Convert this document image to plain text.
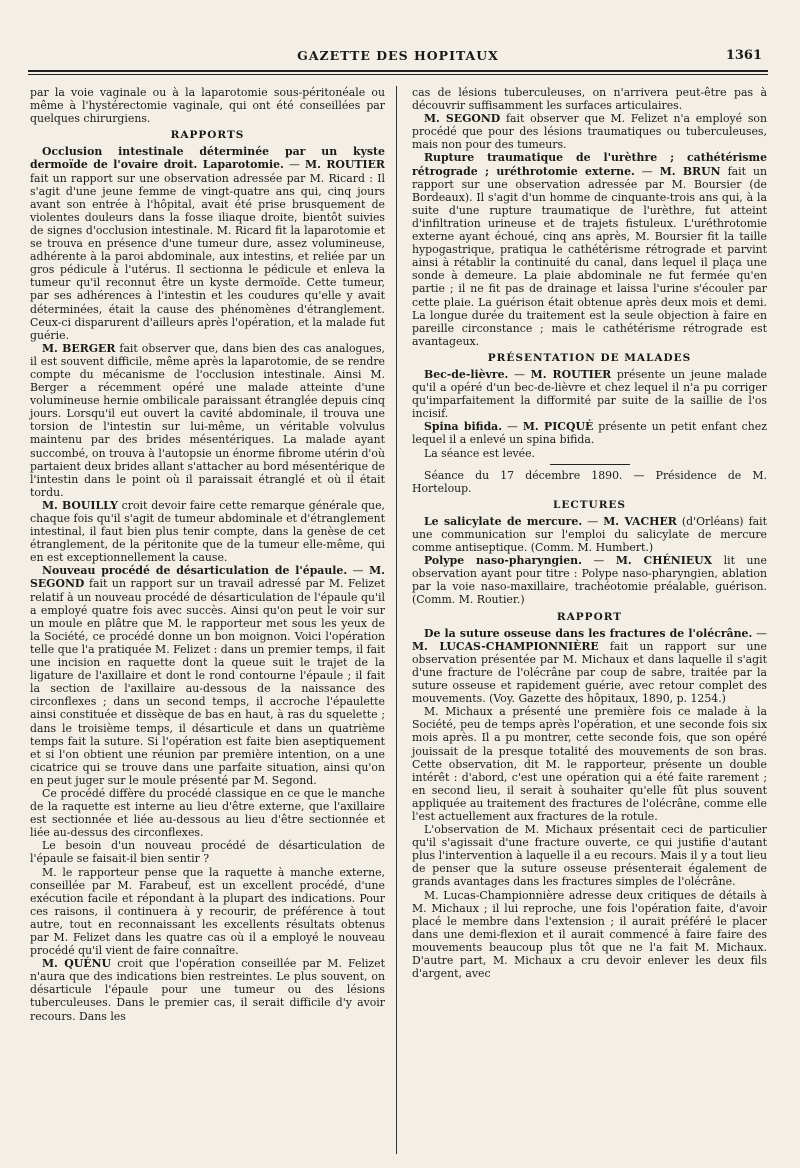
GAZETTE DES HOPITAUX	1361

par la voie vaginale ou à la laparotomie sous-péritonéale ou même à l'hystérectomie vaginale, qui ont été conseillées par quelques chirurgiens.

RAPPORTS

Occlusion intestinale déterminée par un kyste dermoïde de l'ovaire droit. Laparotomie. — M. ROUTIER fait un rapport sur une observation adressée par M. Ricard : Il s'agit d'une jeune femme de vingt-quatre ans qui, cinq jours avant son entrée à l'hôpital, avait été prise brusquement de violentes douleurs dans la fosse iliaque droite, bientôt suivies de signes d'occlusion intestinale. M. Ricard fit la laparotomie et se trouva en présence d'une tumeur dure, assez volumineuse, adhérente à la paroi abdominale, aux intestins, et reliée par un gros pédicule à l'utérus. Il sectionna le pédicule et enleva la tumeur qu'il reconnut être un kyste dermoïde. Cette tumeur, par ses adhérences à l'intestin et les coudures qu'elle y avait déterminées, était la cause des phénomènes d'étranglement. Ceux-ci disparurent d'ailleurs après l'opération, et la malade fut guérie.

M. BERGER fait observer que, dans bien des cas analogues, il est souvent difficile, même après la laparotomie, de se rendre compte du mécanisme de l'occlusion intestinale. Ainsi M. Berger a récemment opéré une malade atteinte d'une volumineuse hernie ombilicale paraissant étranglée depuis cinq jours. Lorsqu'il eut ouvert la cavité abdominale, il trouva une torsion de l'intestin sur lui-même, un véritable volvulus maintenu par des brides mésentériques. La malade ayant succombé, on trouva à l'autopsie un énorme fibrome utérin d'où partaient deux brides allant s'attacher au bord mésentérique de l'intestin dans le point où il paraissait étranglé et où il était tordu.

M. BOUILLY croit devoir faire cette remarque générale que, chaque fois qu'il s'agit de tumeur abdominale et d'étranglement intestinal, il faut bien plus tenir compte, dans la genèse de cet étranglement, de la péritonite que de la tumeur elle-même, qui en est exceptionnellement la cause.

Nouveau procédé de désarticulation de l'épaule. — M. SEGOND fait un rapport sur un travail adressé par M. Felizet relatif à un nouveau procédé de désarticulation de l'épaule qu'il a employé quatre fois avec succès. Ainsi qu'on peut le voir sur un moule en plâtre que M. le rapporteur met sous les yeux de la Société, ce procédé donne un bon moignon. Voici l'opération telle que l'a pratiquée M. Felizet : dans un premier temps, il fait une incision en raquette dont la queue suit le trajet de la ligature de l'axillaire et dont le rond contourne l'épaule ; il fait la section de l'axillaire au-dessous de la naissance des circonflexes ; dans un second temps, il accroche l'épaulette ainsi constituée et dissèque de bas en haut, à ras du squelette ; dans le troisième temps, il désarticule et dans un quatrième temps fait la suture. Si l'opération est faite bien aseptiquement et si l'on obtient une réunion par première intention, on a une cicatrice qui se trouve dans une parfaite situation, ainsi qu'on en peut juger sur le moule présenté par M. Segond.

Ce procédé diffère du procédé classique en ce que le manche de la raquette est interne au lieu d'être externe, que l'axillaire est sectionnée et liée au-dessous au lieu d'être sectionnée et liée au-dessus des circonflexes.

Le besoin d'un nouveau procédé de désarticulation de l'épaule se faisait-il bien sentir ?

M. le rapporteur pense que la raquette à manche externe, conseillée par M. Farabeuf, est un excellent procédé, d'une exécution facile et répondant à la plupart des indications. Pour ces raisons, il continuera à y recourir, de préférence à tout autre, tout en reconnaissant les excellents résultats obtenus par M. Felizet dans les quatre cas où il a employé le nouveau procédé qu'il vient de faire connaître.

M. QUÉNU croit que l'opération conseillée par M. Felizet n'aura que des indications bien restreintes. Le plus souvent, on désarticule l'épaule pour une tumeur ou des lésions tuberculeuses. Dans le premier cas, il serait difficile d'y avoir recours. Dans les

cas de lésions tuberculeuses, on n'arrivera peut-être pas à découvrir suffisamment les surfaces articulaires.

M. SEGOND fait observer que M. Felizet n'a employé son procédé que pour des lésions traumatiques ou tuberculeuses, mais non pour des tumeurs.

Rupture traumatique de l'urèthre ; cathétérisme rétrograde ; uréthrotomie externe. — M. BRUN fait un rapport sur une observation adressée par M. Boursier (de Bordeaux). Il s'agit d'un homme de cinquante-trois ans qui, à la suite d'une rupture traumatique de l'urèthre, fut atteint d'infiltration urineuse et de trajets fistuleux. L'uréthrotomie externe ayant échoué, cinq ans après, M. Boursier fit la taille hypogastrique, pratiqua le cathétérisme rétrograde et parvint ainsi à rétablir la continuité du canal, dans lequel il plaça une sonde à demeure. La plaie abdominale ne fut fermée qu'en partie ; il ne fit pas de drainage et laissa l'urine s'écouler par cette plaie. La guérison était obtenue après deux mois et demi. La longue durée du traitement est la seule objection à faire en pareille circonstance ; mais le cathétérisme rétrograde est avantageux.

PRÉSENTATION DE MALADES

Bec-de-lièvre. — M. ROUTIER présente un jeune malade qu'il a opéré d'un bec-de-lièvre et chez lequel il n'a pu corriger qu'imparfaitement la difformité par suite de la saillie de l'os incisif.

Spina bifida. — M. PICQUÉ présente un petit enfant chez lequel il a enlevé un spina bifida.

La séance est levée.

Séance du 17 décembre 1890. — Présidence de M. Horteloup.

LECTURES

Le salicylate de mercure. — M. VACHER (d'Orléans) fait une communication sur l'emploi du salicylate de mercure comme antiseptique. (Comm. M. Humbert.)

Polype naso-pharyngien. — M. CHÉNIEUX lit une observation ayant pour titre : Polype naso-pharyngien, ablation par la voie naso-maxillaire, trachéotomie préalable, guérison. (Comm. M. Routier.)

RAPPORT

De la suture osseuse dans les fractures de l'olécrâne. — M. LUCAS-CHAMPIONNIÈRE fait un rapport sur une observation présentée par M. Michaux et dans laquelle il s'agit d'une fracture de l'olécrâne par coup de sabre, traitée par la suture osseuse et rapidement guérie, avec retour complet des mouvements. (Voy. Gazette des hôpitaux, 1890, p. 1254.)

M. Michaux a présenté une première fois ce malade à la Société, peu de temps après l'opération, et une seconde fois six mois après. Il a pu montrer, cette seconde fois, que son opéré jouissait de la presque totalité des mouvements de son bras. Cette observation, dit M. le rapporteur, présente un double intérêt : d'abord, c'est une opération qui a été faite rarement ; en second lieu, il serait à souhaiter qu'elle fût plus souvent appliquée au traitement des fractures de l'olécrâne, comme elle l'est actuellement aux fractures de la rotule.

L'observation de M. Michaux présentait ceci de particulier qu'il s'agissait d'une fracture ouverte, ce qui justifie d'autant plus l'intervention à laquelle il a eu recours. Mais il y a tout lieu de penser que la suture osseuse présenterait également de grands avantages dans les fractures simples de l'olécrâne.

M. Lucas-Championnière adresse deux critiques de détails à M. Michaux ; il lui reproche, une fois l'opération faite, d'avoir placé le membre dans l'extension ; il aurait préféré le placer dans une demi-flexion et il aurait commencé à faire faire des mouvements beaucoup plus tôt que ne l'a fait M. Michaux. D'autre part, M. Michaux a cru devoir enlever les deux fils d'argent, avec
